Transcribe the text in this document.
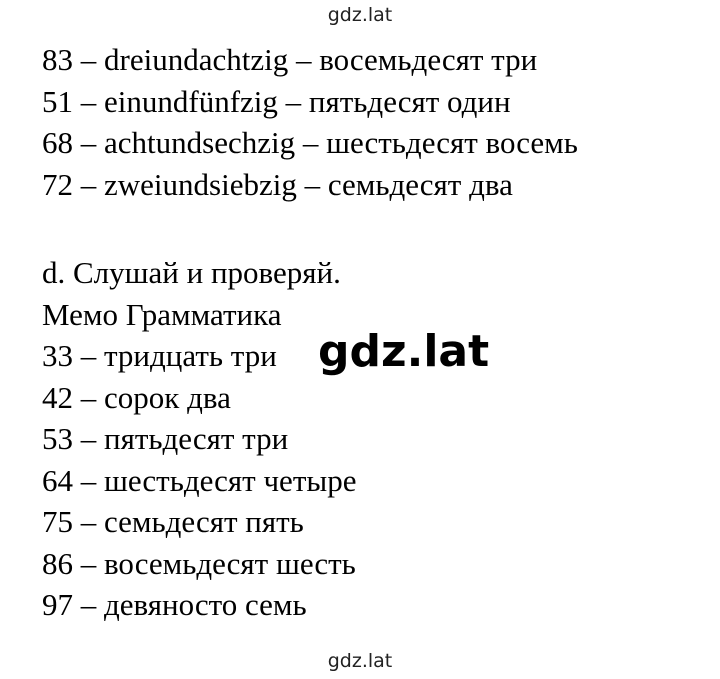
gdz.lat
83 – dreiundachtzig – восемьдесят три
51 – einundfünfzig – пятьдесят один
68 – achtundsechzig – шестьдесят восемь
72 – zweiundsiebzig – семьдесят два
d. Слушай и проверяй.
Мемо Грамматика
33 – тридцать три
42 – сорок два
53 – пятьдесят три
64 – шестьдесят четыре
75 – семьдесят пять
86 – восемьдесят шесть
97 – девяносто семь
gdz.lat
gdz.lat
